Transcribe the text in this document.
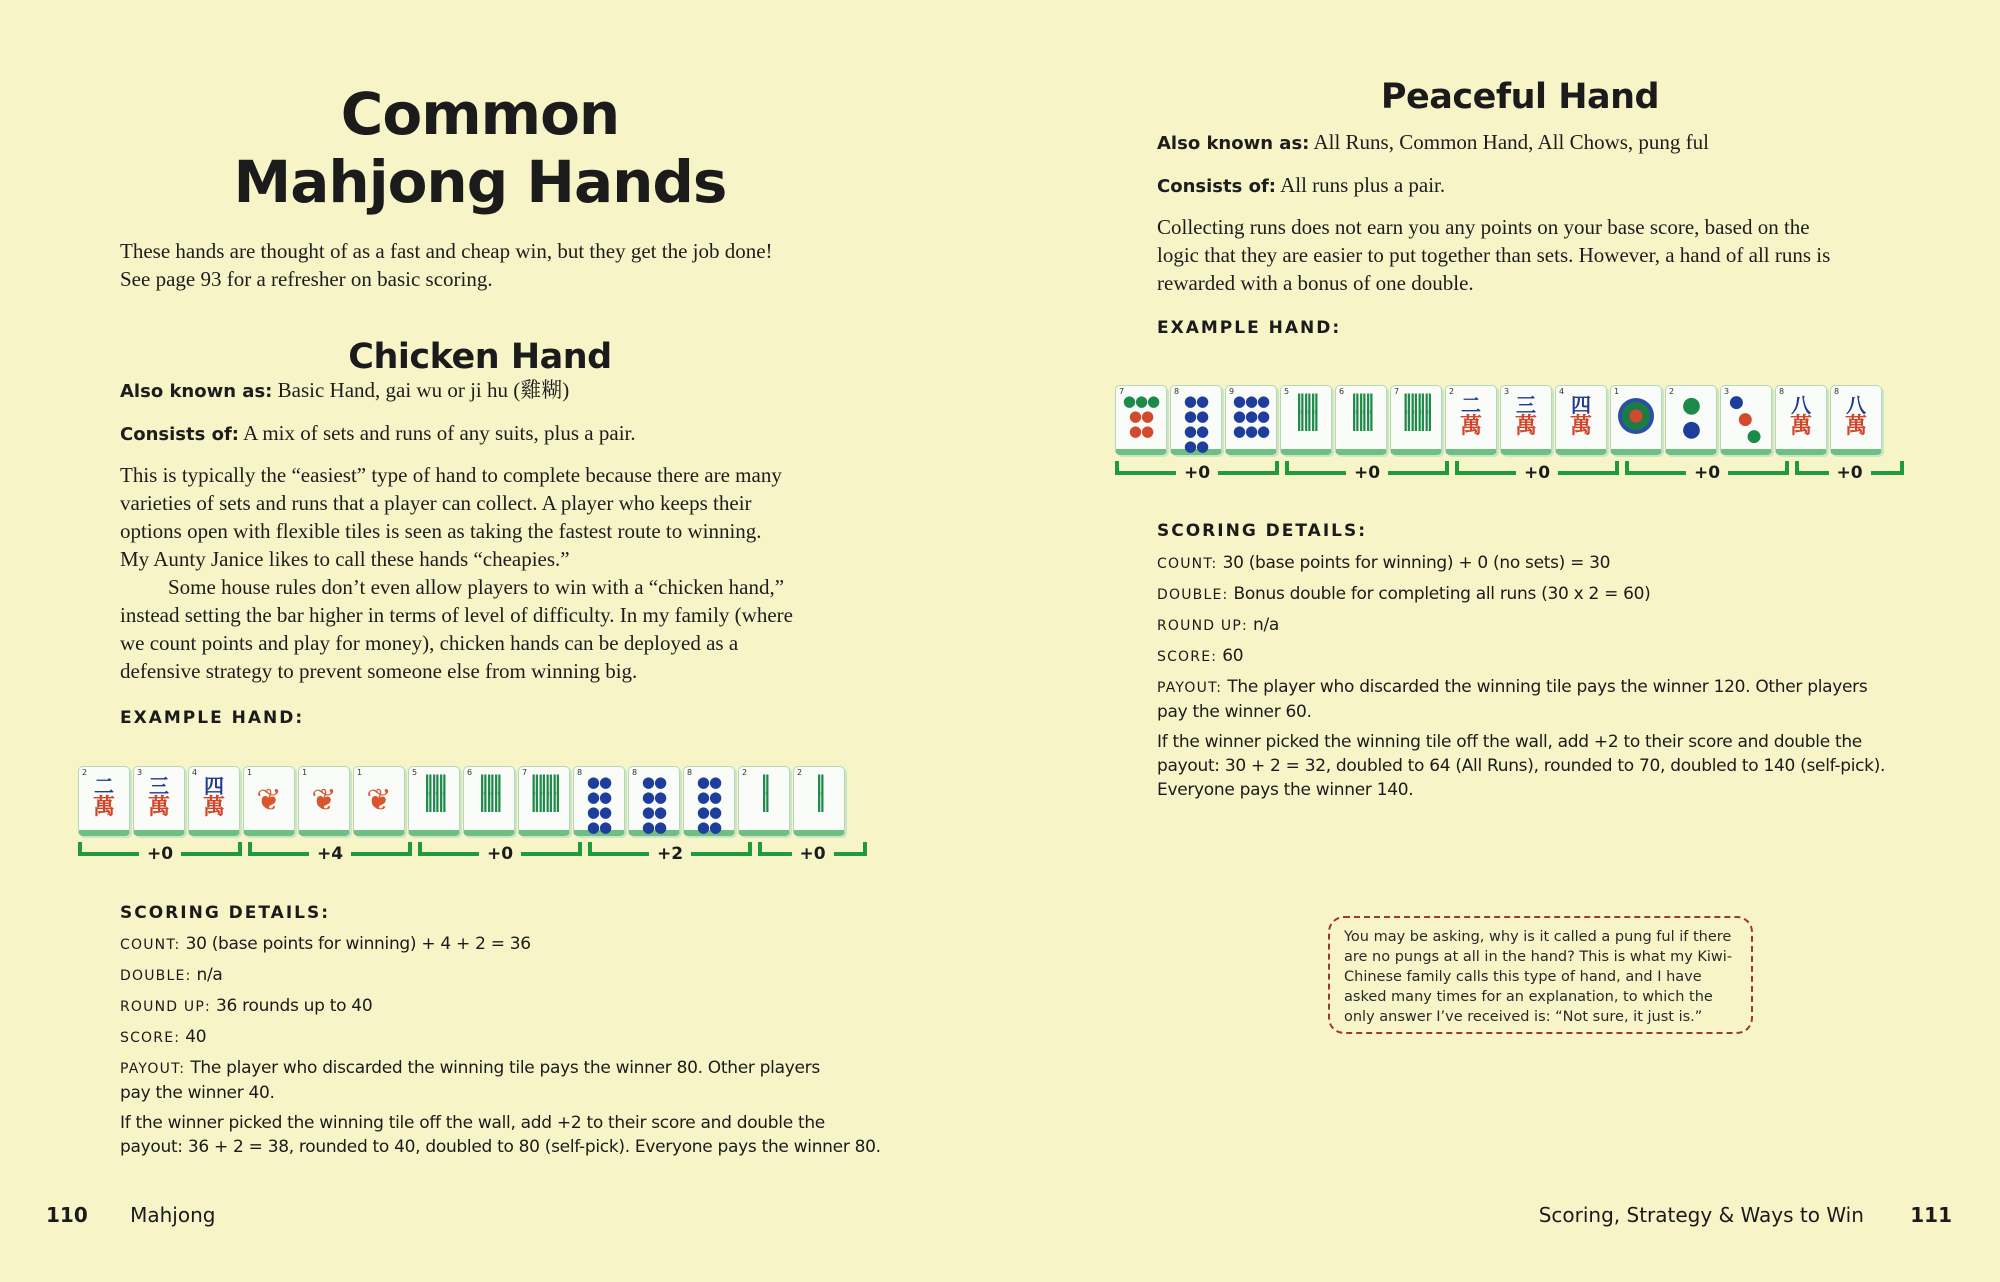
Common
Mahjong Hands
These hands are thought of as a fast and cheap win, but they get the job done!
See page 93 for a refresher on basic scoring.
Chicken Hand
Also known as: Basic Hand, gai wu or ji hu (雞糊)
Consists of: A mix of sets and runs of any suits, plus a pair.
This is typically the “easiest” type of hand to complete because there are many
varieties of sets and runs that a player can collect. A player who keeps their
options open with flexible tiles is seen as taking the fastest route to winning.
My Aunty Janice likes to call these hands “cheapies.”
Some house rules don’t even allow players to win with a “chicken hand,”
instead setting the bar higher in terms of level of difficulty. In my family (where
we count points and play for money), chicken hands can be deployed as a
defensive strategy to prevent someone else from winning big.
EXAMPLE HAND:
2
二
萬
3
三
萬
4
四
萬
1
❦
1
❦
1
❦
5 ‖‖‖
‖‖‖
6 ‖‖‖
‖‖‖
7 ‖‖‖‖
‖‖‖‖
8
●●
●●
●●
●●
8
●●
●●
●●
●●
8
●●
●●
●●
●●
2 ‖
‖
2 ‖
‖
+0	+4	+0	+2	+0
SCORING DETAILS:
COUNT: 30 (base points for winning) + 4 + 2 = 36
DOUBLE: n/a
ROUND UP: 36 rounds up to 40
SCORE: 40
PAYOUT: The player who discarded the winning tile pays the winner 80. Other players
pay the winner 40.
If the winner picked the winning tile off the wall, add +2 to their score and double the
payout: 36 + 2 = 38, rounded to 40, doubled to 80 (self-pick). Everyone pays the winner 80.
110 Mahjong
Peaceful Hand
Also known as: All Runs, Common Hand, All Chows, pung ful
Consists of: All runs plus a pair.
Collecting runs does not earn you any points on your base score, based on the
logic that they are easier to put together than sets. However, a hand of all runs is
rewarded with a bonus of one double.
EXAMPLE HAND:
7
●●●
●●
●●
8
●●
●●
●●
●●
9
●●●
●●●
●●●
5 ‖‖‖
‖‖‖
6 ‖‖‖
‖‖‖
7 ‖‖‖‖
‖‖‖‖
2
二
萬
3
三
萬
4
四
萬
1	2
●
●
3
●
●
●
8
八
萬
8
八
萬
+0	+0	+0	+0	+0
SCORING DETAILS:
COUNT: 30 (base points for winning) + 0 (no sets) = 30
DOUBLE: Bonus double for completing all runs (30 x 2 = 60)
ROUND UP: n/a
SCORE: 60
PAYOUT: The player who discarded the winning tile pays the winner 120. Other players
pay the winner 60.
If the winner picked the winning tile off the wall, add +2 to their score and double the
payout: 30 + 2 = 32, doubled to 64 (All Runs), rounded to 70, doubled to 140 (self-pick).
Everyone pays the winner 140.
You may be asking, why is it called a pung ful if there
are no pungs at all in the hand? This is what my Kiwi-
Chinese family calls this type of hand, and I have
asked many times for an explanation, to which the
only answer I’ve received is: “Not sure, it just is.”
Scoring, Strategy & Ways to Win 111
